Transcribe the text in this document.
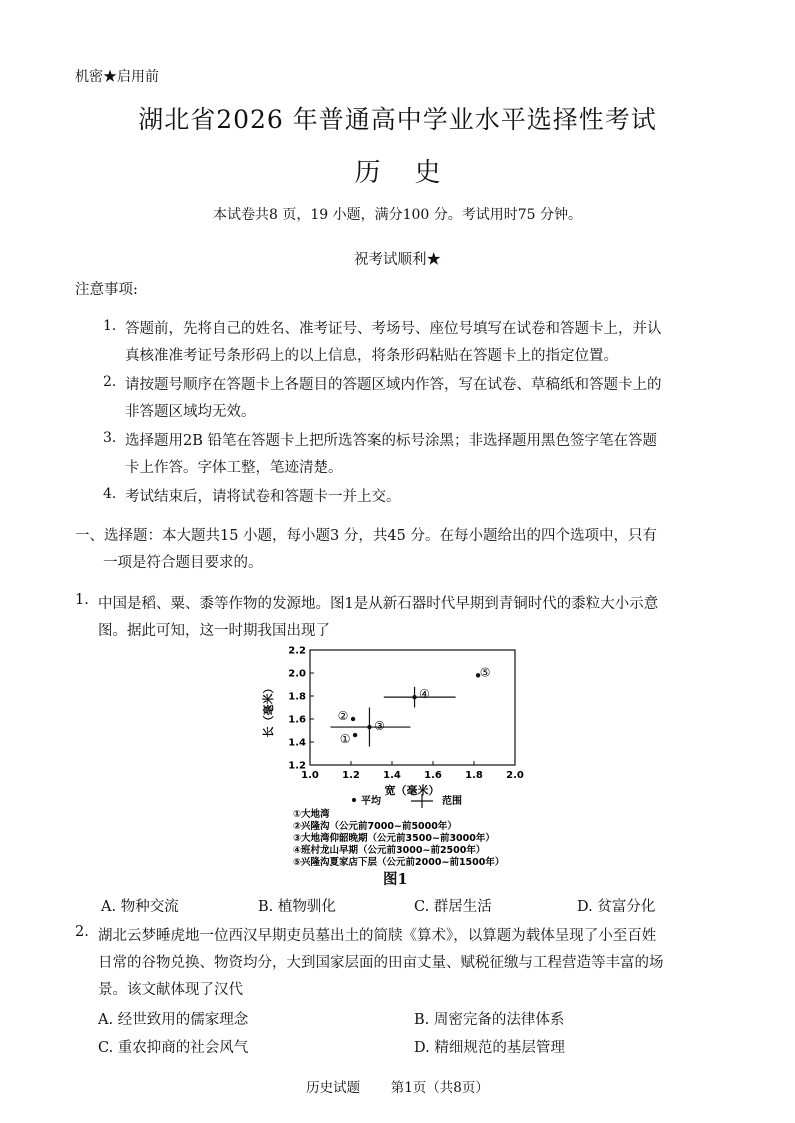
机密★启用前
湖北省2026 年普通高中学业水平选择性考试
历史
本试卷共8 页，19 小题，满分100 分。考试用时75 分钟。
祝考试顺利★
注意事项:
1. 答题前，先将自己的姓名、准考证号、考场号、座位号填写在试卷和答题卡上，并认
真核准准考证号条形码上的以上信息，将条形码粘贴在答题卡上的指定位置。
2. 请按题号顺序在答题卡上各题目的答题区域内作答，写在试卷、草稿纸和答题卡上的
非答题区域均无效。
3. 选择题用2B 铅笔在答题卡上把所选答案的标号涂黑；非选择题用黑色签字笔在答题
卡上作答。字体工整，笔迹清楚。
4. 考试结束后，请将试卷和答题卡一并上交。
一、选择题：本大题共15 小题，每小题3 分，共45 分。在每小题给出的四个选项中，只有
一项是符合题目要求的。
1. 中国是稻、粟、黍等作物的发源地。图1是从新石器时代早期到青铜时代的黍粒大小示意
图。据此可知，这一时期我国出现了
1.0 1.2 1.4 1.6 1.8 2.0
1.2
1.4
1.6
1.8
2.0
2.2
①
②
③
④
⑤
长（毫米）
宽（毫米）
平均	范围
①大地湾
②兴隆沟（公元前7000~前5000年）
③大地湾仰韶晚期（公元前3500~前3000年）
④班村龙山早期（公元前3000~前2500年）
⑤兴隆沟夏家店下层（公元前2000~前1500年）
图1
A. 物种交流	B. 植物驯化	C. 群居生活	D. 贫富分化
2. 湖北云梦睡虎地一位西汉早期吏员墓出土的简牍《算术》，以算题为载体呈现了小至百姓
日常的谷物兑换、物资均分，大到国家层面的田亩丈量、赋税征缴与工程营造等丰富的场
景。该文献体现了汉代
A. 经世致用的儒家理念	B. 周密完备的法律体系
C. 重农抑商的社会风气	D. 精细规范的基层管理
历史试题 第1页（共8页）
